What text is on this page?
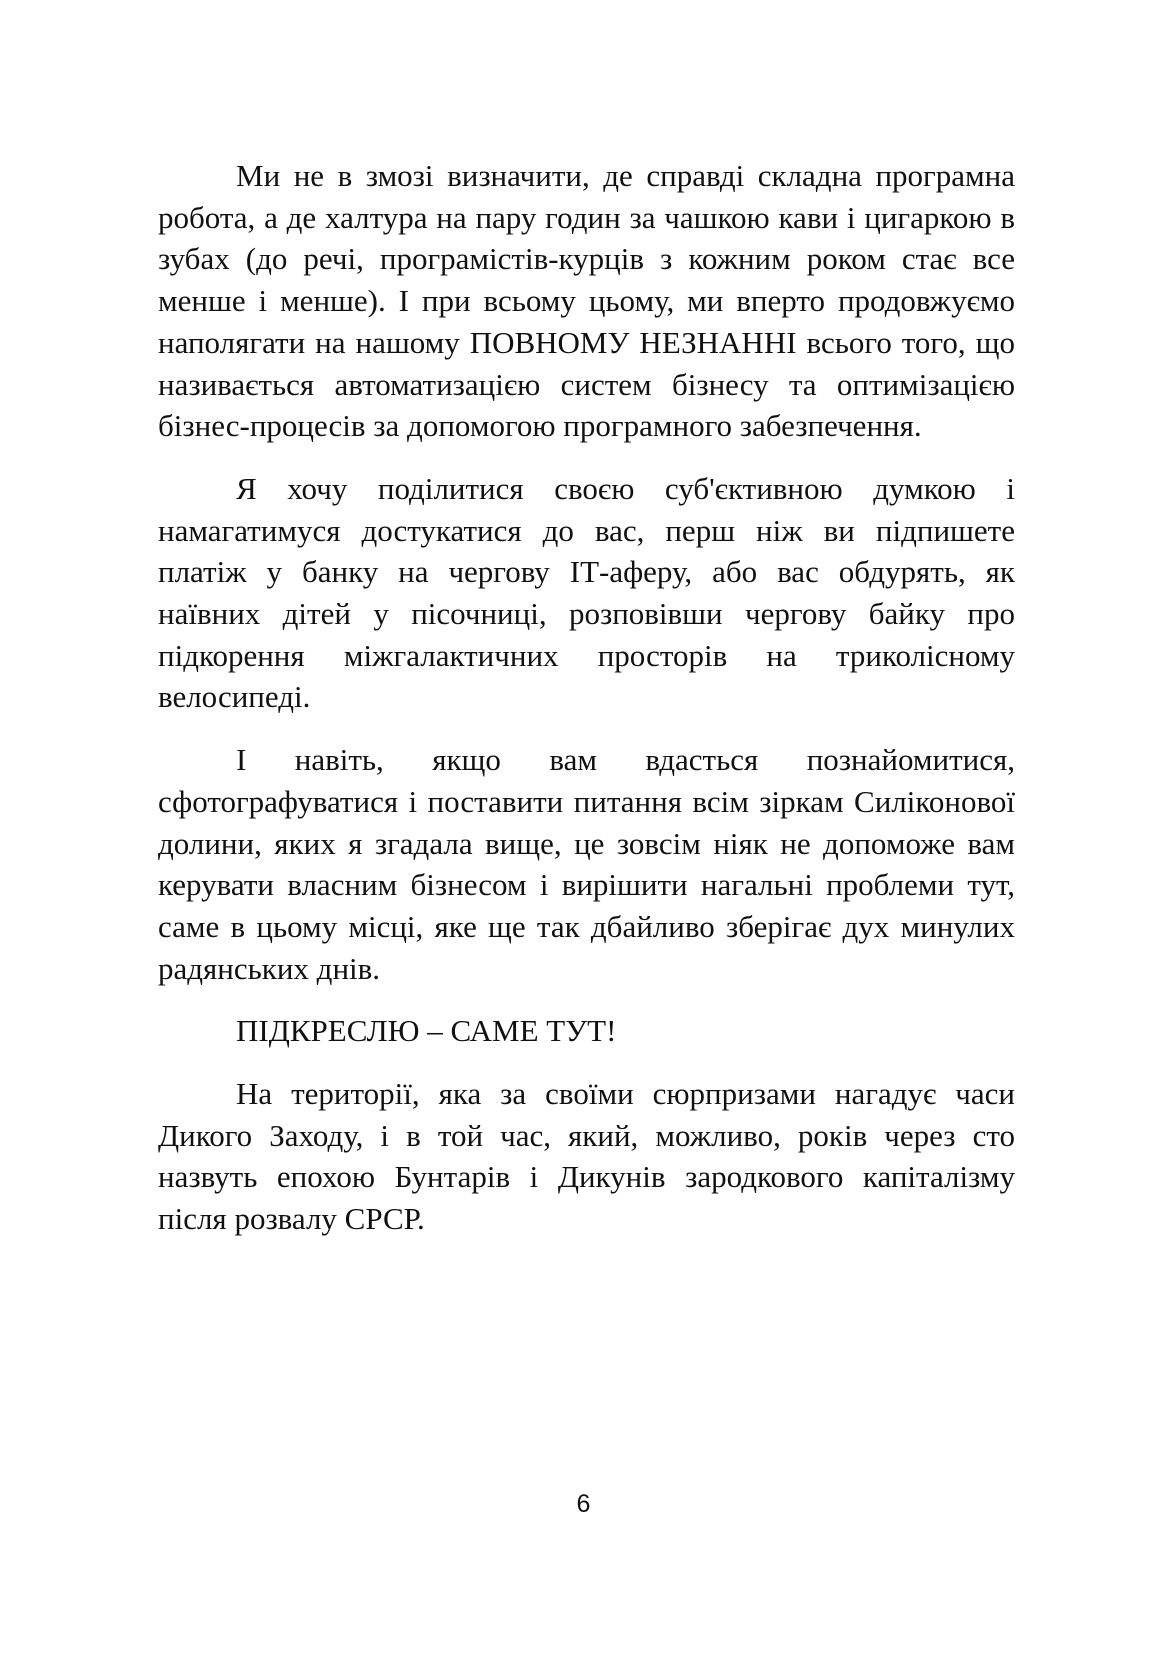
Ми не в змозі визначити, де справді складна програмна робота, а де халтура на пару годин за чашкою кави і цигаркою в зубах (до речі, програмістів-курців з кожним роком стає все менше і менше). І при всьому цьому, ми вперто продовжуємо наполягати на нашому ПОВНОМУ НЕЗНАННІ всього того, що називається автоматизацією систем бізнесу та оптимізацією бізнес-процесів за допомогою програмного забезпечення.

Я хочу поділитися своєю суб'єктивною думкою і намагатимуся достукатися до вас, перш ніж ви підпишете платіж у банку на чергову ІТ-аферу, або вас обдурять, як наївних дітей у пісочниці, розповівши чергову байку про підкорення міжгалактичних просторів на триколісному велосипеді.

І навіть, якщо вам вдасться познайомитися, сфотографуватися і поставити питання всім зіркам Силіконової долини, яких я згадала вище, це зовсім ніяк не допоможе вам керувати власним бізнесом і вирішити нагальні проблеми тут, саме в цьому місці, яке ще так дбайливо зберігає дух минулих радянських днів.

ПІДКРЕСЛЮ – САМЕ ТУТ!

На території, яка за своїми сюрпризами нагадує часи Дикого Заходу, і в той час, який, можливо, років через сто назвуть епохою Бунтарів і Дикунів зародкового капіталізму після розвалу СРСР.

6
